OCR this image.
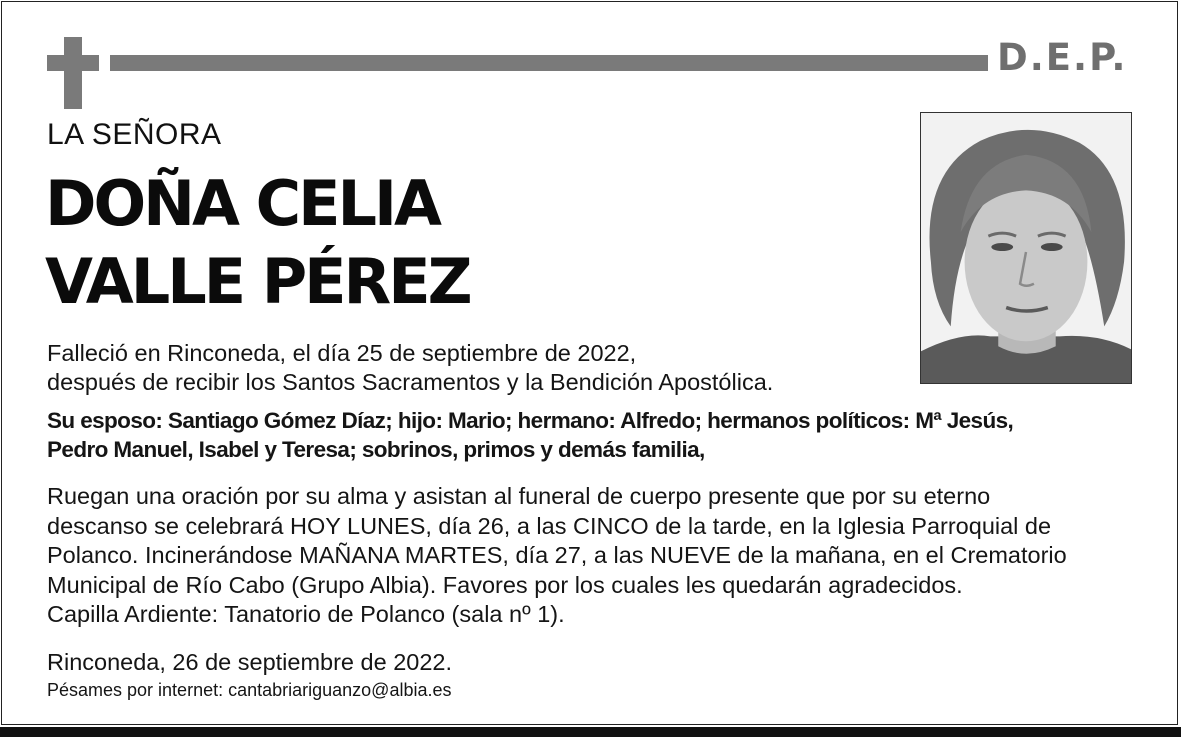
D.E.P.
LA SEÑORA
DOÑA CELIA
VALLE PÉREZ
Falleció en Rinconeda, el día 25 de septiembre de 2022,
después de recibir los Santos Sacramentos y la Bendición Apostólica.
Su esposo: Santiago Gómez Díaz; hijo: Mario; hermano: Alfredo; hermanos políticos: Mª Jesús,
Pedro Manuel, Isabel y Teresa; sobrinos, primos y demás familia,
Ruegan una oración por su alma y asistan al funeral de cuerpo presente que por su eterno
descanso se celebrará HOY LUNES, día 26, a las CINCO de la tarde, en la Iglesia Parroquial de
Polanco. Incinerándose MAÑANA MARTES, día 27, a las NUEVE de la mañana, en el Crematorio
Municipal de Río Cabo (Grupo Albia). Favores por los cuales les quedarán agradecidos.
Capilla Ardiente: Tanatorio de Polanco (sala nº 1).
Rinconeda, 26 de septiembre de 2022.
Pésames por internet: cantabriariguanzo@albia.es
